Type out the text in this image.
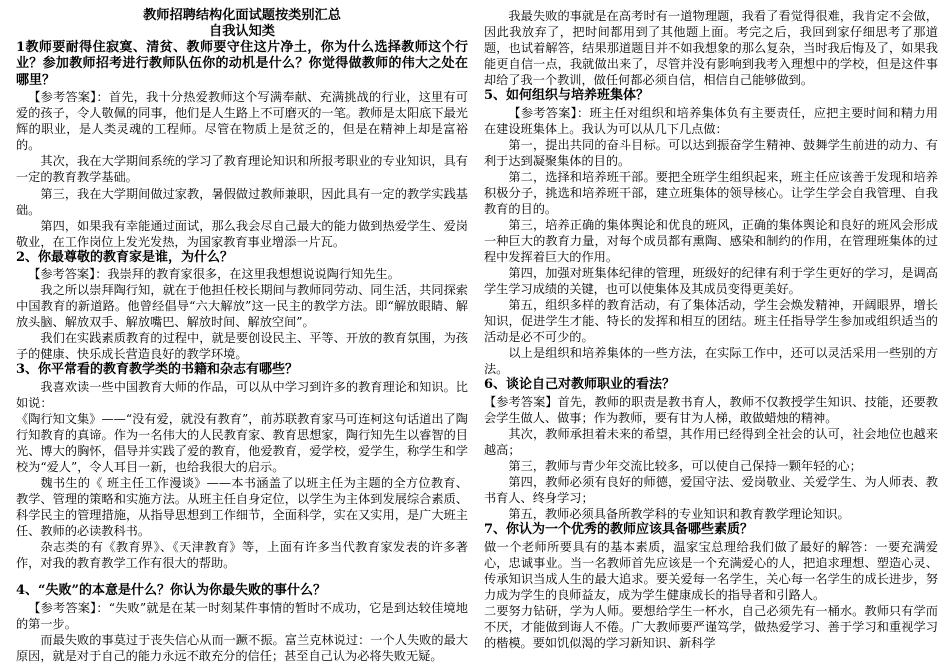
教师招聘结构化面试题按类别汇总

自我认知类

1教师要耐得住寂寞、清贫、教师要守住这片净土，你为什么选择教师这个行业？参加教师招考进行教师队伍你的动机是什么？你觉得做教师的伟大之处在哪里？

【参考答案】：首先，我十分热爱教师这个写满奉献、充满挑战的行业，这里有可爱的孩子，令人敬佩的同事，他们是人生路上不可磨灭的一笔。教师是太阳底下最光辉的职业，是人类灵魂的工程师。尽管在物质上是贫乏的，但是在精神上却是富裕的。

其次，我在大学期间系统的学习了教育理论知识和所报考职业的专业知识，具有一定的教育教学基础。

第三，我在大学期间做过家教，暑假做过教师兼职，因此具有一定的教学实践基础。

第四，如果我有幸能通过面试，那么我会尽自己最大的能力做到热爱学生、爱岗敬业，在工作岗位上发光发热，为国家教育事业增添一片瓦。

2、你最尊敬的教育家是谁，为什么？

【参考答案】：我崇拜的教育家很多，在这里我想想说说陶行知先生。

我之所以崇拜陶行知，就在于他担任校长期间与教师同劳动、同生活，共同探索中国教育的新道路。他曾经倡导“六大解放”这一民主的教学方法。即“解放眼睛、解放头脑、解放双手、解放嘴巴、解放时间、解放空间”。

我们在实践素质教育的过程中，就是要创设民主、平等、开放的教育氛围，为孩子的健康、快乐成长营造良好的教学环境。

3、你平常看的教育教学类的书籍和杂志有哪些？

我喜欢读一些中国教育大师的作品，可以从中学习到许多的教育理论和知识。比如说：

《陶行知文集》——“没有爱，就没有教育”，前苏联教育家马可连柯这句话道出了陶行知教育的真谛。作为一名伟大的人民教育家、教育思想家，陶行知先生以睿智的目光、博大的胸怀，倡导并实践了爱的教育，他爱教育，爱学校，爱学生，称学生和学校为“爱人”，令人耳目一新，也给我很大的启示。

魏书生的《 班主任工作漫谈》——本书涵盖了以班主任为主题的全方位教育、教学、管理的策略和实施方法。从班主任自身定位，以学生为主体到发展综合素质、科学民主的管理措施，从指导思想到工作细节，全面科学，实在又实用，是广大班主任、教师的必读教科书。

杂志类的有《教育界》、《天津教育》等，上面有许多当代教育家发表的许多著作，对我的教育教学工作有很大的帮助。

4、“失败”的本意是什么？你认为你最失败的事什么？

【参考答案】：“失败”就是在某一时刻某件事情的暂时不成功，它是到达较佳境地的第一步。

而最失败的事莫过于丧失信心从而一蹶不振。富兰克林说过：一个人失败的最大原因，就是对于自己的能力永远不敢充分的信任；甚至自己认为必将失败无疑。

我最失败的事就是在高考时有一道物理题，我看了看觉得很难，我肯定不会做，因此我放弃了，把时间都用到了其他题上面。考完之后，我回到家仔细思考了那道题，也试着解答，结果那道题目并不如我想象的那么复杂，当时我后悔及了，如果我能更自信一点，我就做出来了，尽管并没有影响到我考入理想中的学校，但是这件事却给了我一个教训，做任何都必须自信，相信自己能够做到。

5、如何组织与培养班集体？

【参考答案】：班主任对组织和培养集体负有主要责任，应把主要时间和精力用在建设班集体上。我认为可以从几下几点做：

第一，提出共同的奋斗目标。可以达到振奋学生精神、鼓舞学生前进的动力、有利于达到凝聚集体的目的。

第二，选择和培养班干部。要把全班学生组织起来，班主任应该善于发现和培养积极分子，挑选和培养班干部，建立班集体的领导核心。让学生学会自我管理、自我教育的目的。

第三，培养正确的集体舆论和优良的班风，正确的集体舆论和良好的班风会形成一种巨大的教育力量，对每个成员都有熏陶、感染和制约的作用，在管理班集体的过程中发挥着巨大的作用。

第四，加强对班集体纪律的管理，班级好的纪律有利于学生更好的学习，是调高学生学习成绩的关键，也可以使集体及其成员变得更美好。

第五，组织多样的教育活动，有了集体活动，学生会焕发精神，开阔眼界，增长知识，促进学生才能、特长的发挥和相互的团结。班主任指导学生参加或组织适当的活动是必不可少的。

以上是组织和培养集体的一些方法，在实际工作中，还可以灵活采用一些别的方法。

6、谈论自己对教师职业的看法？

【参考答案】首先，教师的职责是教书育人，教师不仅教授学生知识、技能，还要教会学生做人、做事；作为教师，要有甘为人梯，敢做蜡烛的精神。

其次，教师承担着未来的希望，其作用已经得到全社会的认可，社会地位也越来越高；

第三，教师与青少年交流比较多，可以使自己保持一颗年轻的心；

第四，教师必须有良好的师德，爱国守法、爱岗敬业、关爱学生、为人师表、教书育人、终身学习；

第五，教师必须具备所教学科的专业知识和教育教学理论知识。

7、你认为一个优秀的教师应该具备哪些素质？

做一个老师所要具有的基本素质，温家宝总理给我们做了最好的解答：一要充满爱心，忠诚事业。当一名教师首先应该是一个充满爱心的人，把追求理想、塑造心灵、传承知识当成人生的最大追求。要关爱每一名学生，关心每一名学生的成长进步，努力成为学生的良师益友，成为学生健康成长的指导者和引路人。

二要努力钻研，学为人师。要想给学生一杯水，自己必须先有一桶水。教师只有学而不厌，才能做到诲人不倦。广大教师要严谨笃学，做热爱学习、善于学习和重视学习的楷模。要如饥似渴的学习新知识、新科学
